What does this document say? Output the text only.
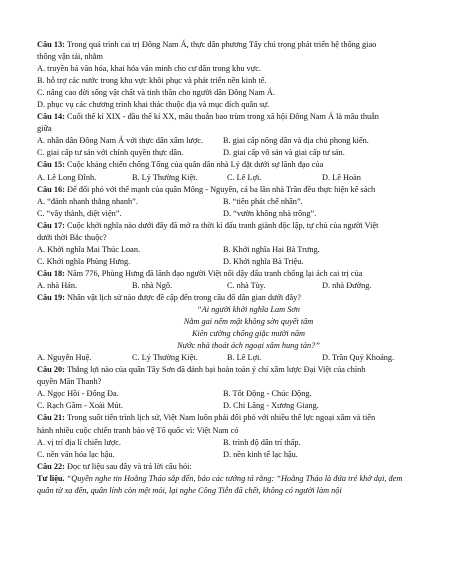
Câu 13: Trong quá trình cai trị Đông Nam Á, thực dân phương Tây chú trọng phát triển hệ thống giao
thông vận tải, nhằm
A. truyền bá văn hóa, khai hóa văn minh cho cư dân trong khu vực.
B. hỗ trợ các nước trong khu vực khôi phục và phát triển nền kinh tế.
C. nâng cao đời sống vật chất và tinh thần cho người dân Đông Nam Á.
D. phục vụ các chương trình khai thác thuộc địa và mục đích quân sự.
Câu 14: Cuối thế kỉ XIX - đầu thế kỉ XX, mâu thuẫn bao trùm trong xã hội Đông Nam Á là mâu thuẫn
giữa
A. nhân dân Đông Nam Á với thực dân xâm lược.	B. giai cấp nông dân và địa chủ phong kiến.
C. giai cấp tư sản với chính quyền thực dân.	D. giai cấp vô sản và giai cấp tư sản.
Câu 15: Cuộc kháng chiến chống Tống của quân dân nhà Lý đặt dưới sự lãnh đạo của
A. Lê Long Đĩnh.	B. Lý Thường Kiệt.	C. Lê Lợi.	D. Lê Hoàn
Câu 16: Để đối phó với thế mạnh của quân Mông - Nguyên, cả ba lần nhà Trần đều thực hiện kế sách
A. “đánh nhanh thắng nhanh”.	B. “tiên phát chế nhân”.
C. “vây thành, diệt viện”.	D. “vườn không nhà trống”.
Câu 17: Cuộc khởi nghĩa nào dưới đây đã mở ra thời kì đấu tranh giành độc lập, tự chủ của người Việt
dưới thời Bắc thuộc?
A. Khởi nghĩa Mai Thúc Loan.	B. Khởi nghĩa Hai Bà Trưng.
C. Khởi nghĩa Phùng Hưng.	D. Khởi nghĩa Bà Triệu.
Câu 18: Năm 776, Phùng Hưng đã lãnh đạo người Việt nổi dậy đấu tranh chống lại ách cai trị của
A. nhà Hán.	B. nhà Ngô.	C. nhà Tùy.	D. nhà Đường.
Câu 19: Nhân vật lịch sử nào được đề cập đến trong câu đố dân gian dưới đây?
“Ai người khởi nghĩa Lam Sơn
Nằm gai nếm mật không sờn quyết tâm
Kiên cường chống giặc mười năm
Nước nhà thoát ách ngoại xâm hung tàn?”
A. Nguyễn Huệ.	C. Lý Thường Kiệt.	B. Lê Lợi.	D. Trần Quý Khoáng.
Câu 20: Thắng lợi nào của quân Tây Sơn đã đánh bại hoàn toàn ý chí xâm lược Đại Việt của chính
quyền Mãn Thanh?
A. Ngọc Hồi - Đống Đa.	B. Tốt Động - Chúc Động.
C. Rạch Gầm - Xoài Mút.	D. Chi Lăng - Xương Giang.
Câu 21: Trong suốt tiến trình lịch sử, Việt Nam luôn phải đối phó với nhiều thế lực ngoại xâm và tiến
hành nhiều cuộc chiến tranh bảo vệ Tổ quốc vì: Việt Nam có
A. vị trí địa lí chiến lược.	B. trình độ dân trí thấp.
C. nền văn hóa lạc hậu.	D. nền kinh tế lạc hậu.
Câu 22: Đọc tư liệu sau đây và trả lời câu hỏi:
Tư liệu. “Quyền nghe tin Hoằng Tháo sắp đến, bảo các tướng tá rằng: “Hoằng Tháo là đứa trẻ khờ dại, đem quân từ xa đến, quân lính còn mệt mỏi, lại nghe Công Tiễn đã chết, không có người làm nội
